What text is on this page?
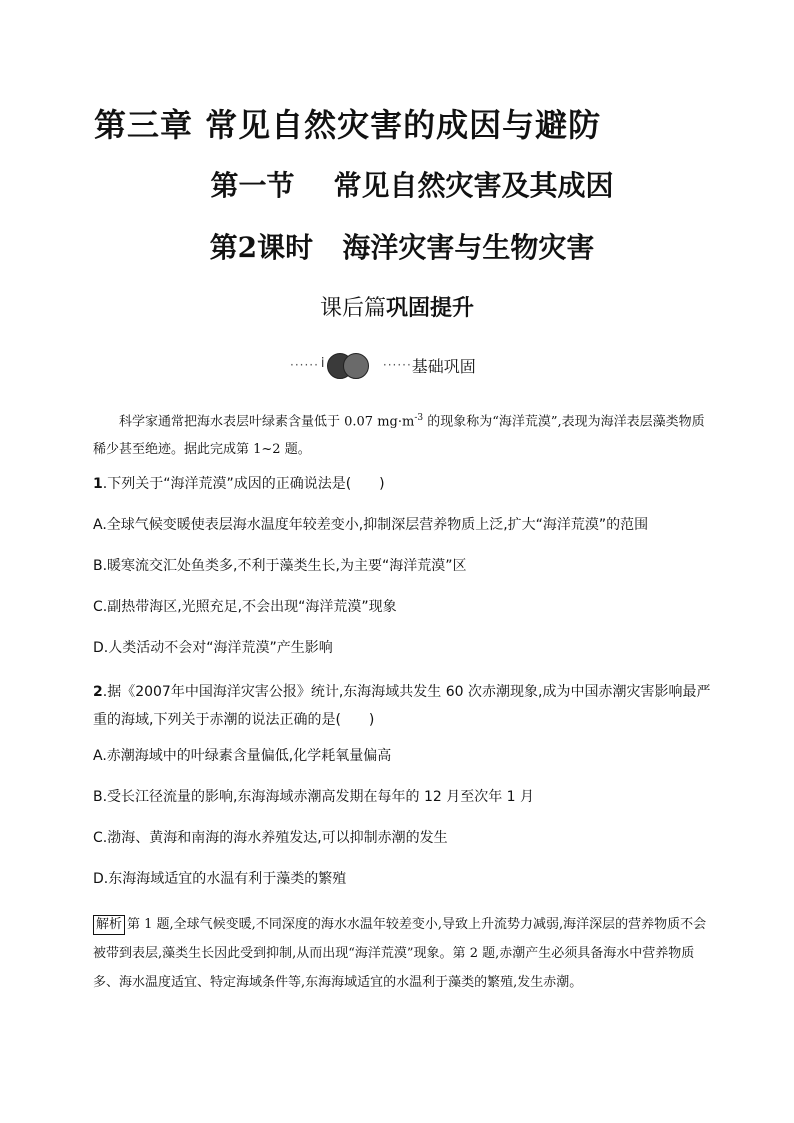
第三章 常见自然灾害的成因与避防
第一节 常见自然灾害及其成因
第2课时 海洋灾害与生物灾害
课后篇巩固提升
······ i	······ 基础巩固
科学家通常把海水表层叶绿素含量低于 0.07 $mg\cdot m^{-3}$ 的现象称为“海洋荒漠”,表现为海洋表层藻类物质稀少甚至绝迹。据此完成第 1~2 题。
1.下列关于“海洋荒漠”成因的正确说法是(　　)
A.全球气候变暖使表层海水温度年较差变小,抑制深层营养物质上泛,扩大“海洋荒漠”的范围
B.暖寒流交汇处鱼类多,不利于藻类生长,为主要“海洋荒漠”区
C.副热带海区,光照充足,不会出现“海洋荒漠”现象
D.人类活动不会对“海洋荒漠”产生影响
2.据《2007年中国海洋灾害公报》统计,东海海域共发生 60 次赤潮现象,成为中国赤潮灾害影响最严重的海域,下列关于赤潮的说法正确的是(　　)
A.赤潮海域中的叶绿素含量偏低,化学耗氧量偏高
B.受长江径流量的影响,东海海域赤潮高发期在每年的 12 月至次年 1 月
C.渤海、黄海和南海的海水养殖发达,可以抑制赤潮的发生
D.东海海域适宜的水温有利于藻类的繁殖
解析 第 1 题,全球气候变暖,不同深度的海水水温年较差变小,导致上升流势力减弱,海洋深层的营养物质不会被带到表层,藻类生长因此受到抑制,从而出现“海洋荒漠”现象。第 2 题,赤潮产生必须具备海水中营养物质多、海水温度适宜、特定海域条件等,东海海域适宜的水温利于藻类的繁殖,发生赤潮。
